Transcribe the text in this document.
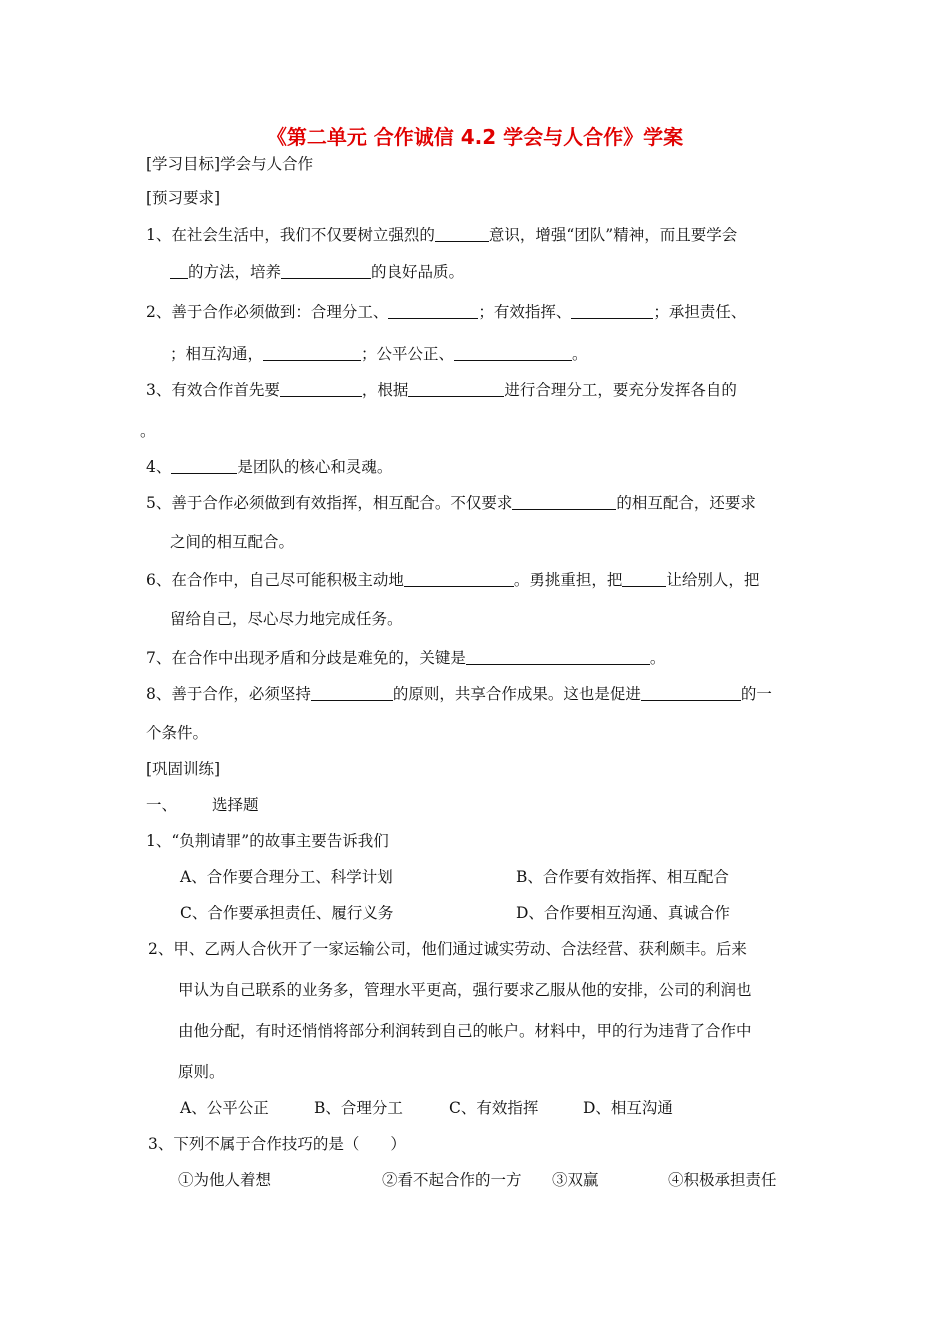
《第二单元 合作诚信 4.2 学会与人合作》学案
[学习目标]学会与人合作
[预习要求]
1、在社会生活中，我们不仅要树立强烈的	意识，增强“团队”精神，而且要学会
的方法，培养	的良好品质。
2、善于合作必须做到：合理分工、	；有效指挥、	；承担责任、
；相互沟通，	；公平公正、	。
3、有效合作首先要	，根据	进行合理分工，要充分发挥各自的
。
4、	是团队的核心和灵魂。
5、善于合作必须做到有效指挥，相互配合。不仅要求	的相互配合，还要求
之间的相互配合。
6、在合作中，自己尽可能积极主动地	。勇挑重担，把	让给别人，把
留给自己，尽心尽力地完成任务。
7、在合作中出现矛盾和分歧是难免的，关键是	。
8、善于合作，必须坚持	的原则，共享合作成果。这也是促进	的一
个条件。
[巩固训练]
一、 选择题
1、“负荆请罪”的故事主要告诉我们
A、合作要合理分工、科学计划	B、合作要有效指挥、相互配合
C、合作要承担责任、履行义务	D、合作要相互沟通、真诚合作
2、甲、乙两人合伙开了一家运输公司，他们通过诚实劳动、合法经营、获利颇丰。后来
甲认为自己联系的业务多，管理水平更高，强行要求乙服从他的安排，公司的利润也
由他分配，有时还悄悄将部分利润转到自己的帐户。材料中，甲的行为违背了合作中
原则。
A、公平公正	B、合理分工	C、有效指挥	D、相互沟通
3、下列不属于合作技巧的是（　　）
①为他人着想	②看不起合作的一方 ③双赢	④积极承担责任
